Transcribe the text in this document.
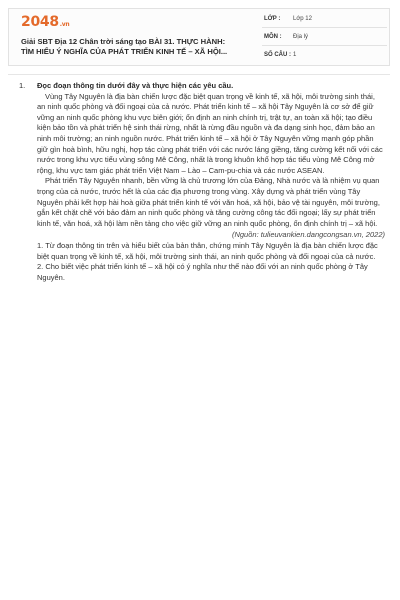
2048.vn
Giải SBT Địa 12 Chân trời sáng tạo BÀI 31. THỰC HÀNH:
TÌM HIỂU Ý NGHĨA CỦA PHÁT TRIỂN KINH TẾ – XÃ HỘI...
LỚP : Lớp 12
MÔN : Địa lý
SỐ CÂU : 1
1. Đọc đoạn thông tin dưới đây và thực hiện các yêu cầu.

Vùng Tây Nguyên là địa bàn chiến lược đặc biệt quan trọng về kinh tế, xã hội, môi trường sinh thái, an ninh quốc phòng và đối ngoại của cả nước. Phát triển kinh tế – xã hội Tây Nguyên là cơ sở để giữ vững an ninh quốc phòng khu vực biên giới; ổn định an ninh chính trị, trật tự, an toàn xã hội; tạo điều kiện bảo tồn và phát triển hệ sinh thái rừng, nhất là rừng đầu nguồn và đa dạng sinh học, đảm bảo an ninh môi trường; an ninh nguồn nước. Phát triển kinh tế – xã hội ở Tây Nguyên vững mạnh góp phần giữ gìn hoà bình, hữu nghị, hợp tác cùng phát triển với các nước láng giềng, tăng cường kết nối với các nước trong khu vực tiểu vùng sông Mê Công, nhất là trong khuôn khổ hợp tác tiểu vùng Mê Công mở rộng, khu vực tam giác phát triển Việt Nam – Lào – Cam-pu-chia và các nước ASEAN.

Phát triển Tây Nguyên nhanh, bền vững là chủ trương lớn của Đảng, Nhà nước và là nhiệm vụ quan trọng của cả nước, trước hết là của các địa phương trong vùng. Xây dựng và phát triển vùng Tây Nguyên phải kết hợp hài hoà giữa phát triển kinh tế với văn hoá, xã hội, bảo vệ tài nguyên, môi trường, gắn kết chặt chẽ với bảo đảm an ninh quốc phòng và tăng cường công tác đối ngoại; lấy sự phát triển kinh tế, văn hoá, xã hội làm nền tảng cho việc giữ vững an ninh quốc phòng, ổn định chính trị – xã hội.

(Nguồn: tulieuvankien.dangcongsan.vn, 2022)

1. Từ đoạn thông tin trên và hiểu biết của bản thân, chứng minh Tây Nguyên là địa bàn chiến lược đặc biệt quan trọng về kinh tế, xã hội, môi trường sinh thái, an ninh quốc phòng và đối ngoại của cả nước.

2. Cho biết việc phát triển kinh tế – xã hội có ý nghĩa như thế nào đối với an ninh quốc phòng ở Tây Nguyên.
